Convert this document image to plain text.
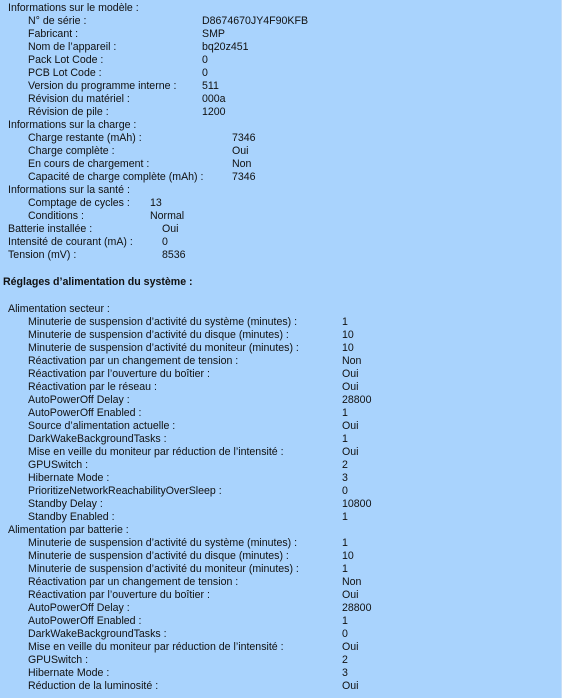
Informations sur le modèle :
N° de série :	D8674670JY4F90KFB
Fabricant :	SMP
Nom de l’appareil :	bq20z451
Pack Lot Code :	0
PCB Lot Code :	0
Version du programme interne : 511
Révision du matériel :	000a
Révision de pile :	1200
Informations sur la charge :
Charge restante (mAh) :	7346
Charge complète :	Oui
En cours de chargement :	Non
Capacité de charge complète (mAh) :	7346
Informations sur la santé :
Comptage de cycles : 13
Conditions :	Normal
Batterie installée :	Oui
Intensité de courant (mA) :	0
Tension (mV) :	8536
Réglages d’alimentation du système :
Alimentation secteur :
Minuterie de suspension d’activité du système (minutes) :	1
Minuterie de suspension d’activité du disque (minutes) :	10
Minuterie de suspension d’activité du moniteur (minutes) :	10
Réactivation par un changement de tension :	Non
Réactivation par l’ouverture du boîtier :	Oui
Réactivation par le réseau :	Oui
AutoPowerOff Delay :	28800
AutoPowerOff Enabled :	1
Source d’alimentation actuelle :	Oui
DarkWakeBackgroundTasks :	1
Mise en veille du moniteur par réduction de l’intensité :	Oui
GPUSwitch :	2
Hibernate Mode :	3
PrioritizeNetworkReachabilityOverSleep :	0
Standby Delay :	10800
Standby Enabled :	1
Alimentation par batterie :
Minuterie de suspension d’activité du système (minutes) :	1
Minuterie de suspension d’activité du disque (minutes) :	10
Minuterie de suspension d’activité du moniteur (minutes) :	1
Réactivation par un changement de tension :	Non
Réactivation par l’ouverture du boîtier :	Oui
AutoPowerOff Delay :	28800
AutoPowerOff Enabled :	1
DarkWakeBackgroundTasks :	0
Mise en veille du moniteur par réduction de l’intensité :	Oui
GPUSwitch :	2
Hibernate Mode :	3
Réduction de la luminosité :	Oui
